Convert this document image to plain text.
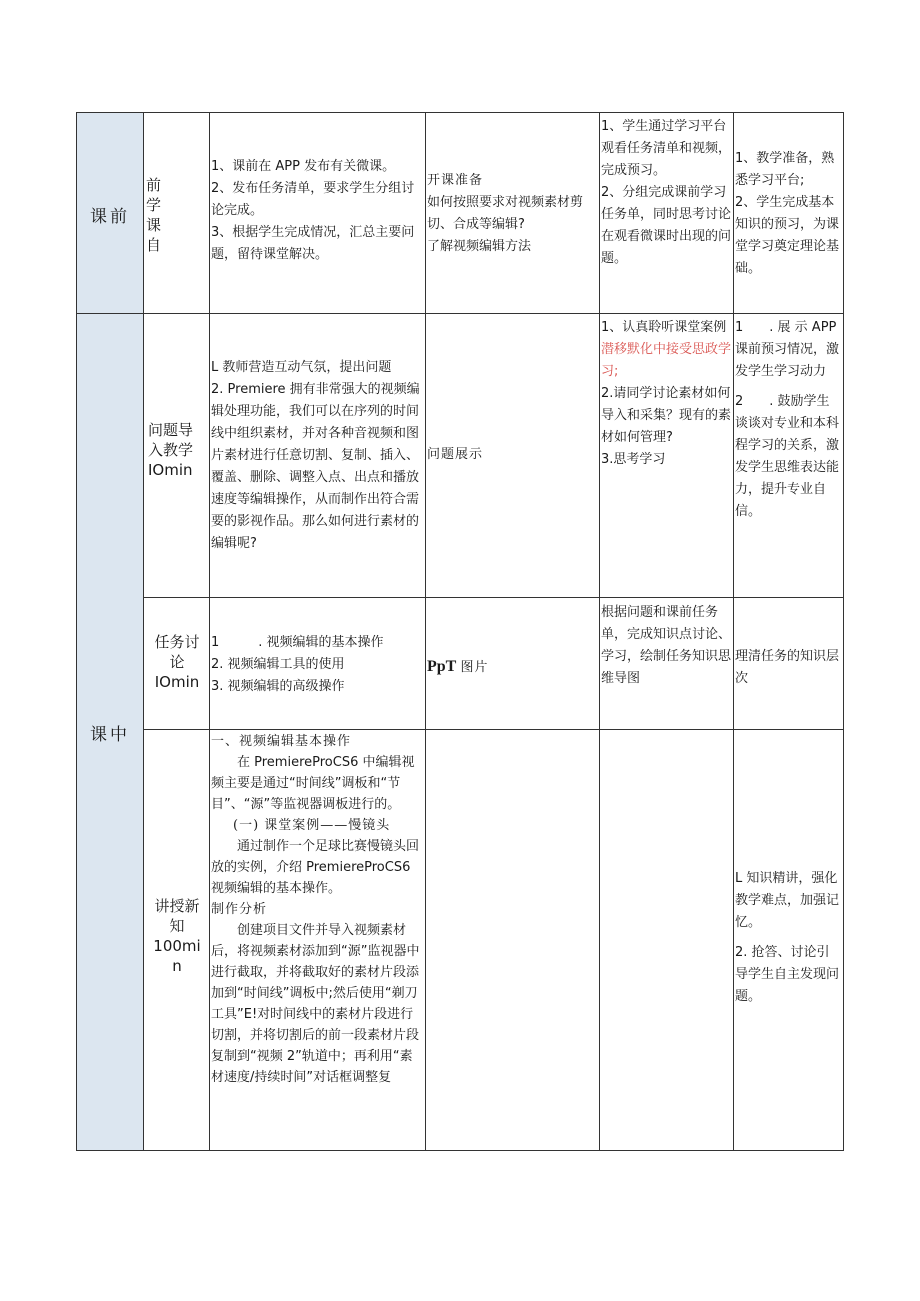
课前
课中

前

学

课

自

1、课前在 APP 发布有关微课。

2、发布任务清单，要求学生分组讨论完成。

3、根据学生完成情况，汇总主要问题，留待课堂解决。

开课准备

如何按照要求对视频素材剪切、合成等编辑?

了解视频编辑方法

1、学生通过学习平台观看任务清单和视频，完成预习。

2、分组完成课前学习任务单，同时思考讨论在观看微课时出现的问题。

1、教学准备，熟悉学习平台;

2、学生完成基本知识的预习，为课堂学习奠定理论基础。

问题导

入教学

IOmin

L 教师营造互动气氛，提出问题

2. Premiere 拥有非常强大的视频编辑处理功能，我们可以在序列的时间线中组织素材，并对各种音视频和图片素材进行任意切割、复制、插入、覆盖、删除、调整入点、出点和播放速度等编辑操作，从而制作出符合需要的影视作品。那么如何进行素材的编辑呢?

问题展示

1、认真聆听课堂案例

潜移默化中接受思政学习;

2.请同学讨论素材如何导入和采集？现有的素材如何管理?

3.思考学习

1　　. 展 示 APP 课前预习情况，激发学生学习动力

2　　. 鼓励学生谈谈对专业和本科程学习的关系，激发学生思维表达能力，提升专业自信。

任务讨

论

IOmin

1　　　. 视频编辑的基本操作

2. 视频编辑工具的使用

3. 视频编辑的高级操作

PpT 图片

根据问题和课前任务单，完成知识点讨论、学习，绘制任务知识思维导图

理清任务的知识层次

讲授新

知

100mi

n

一、视频编辑基本操作

在 PremiereProCS6 中编辑视频主要是通过“时间线”调板和“节目”、“源”等监视器调板进行的。

(一) 课堂案例——慢镜头

通过制作一个足球比赛慢镜头回放的实例，介绍 PremiereProCS6 视频编辑的基本操作。

制作分析

创建项目文件并导入视频素材后，将视频素材添加到“源”监视器中进行截取，并将截取好的素材片段添加到“时间线”调板中;然后使用“剃刀工具”E!对时间线中的素材片段进行切割，并将切割后的前一段素材片段复制到“视频 2”轨道中；再利用“素材速度/持续时间”对话框调整复

L 知识精讲，强化教学难点，加强记忆。

2. 抢答、讨论引导学生自主发现问题。
